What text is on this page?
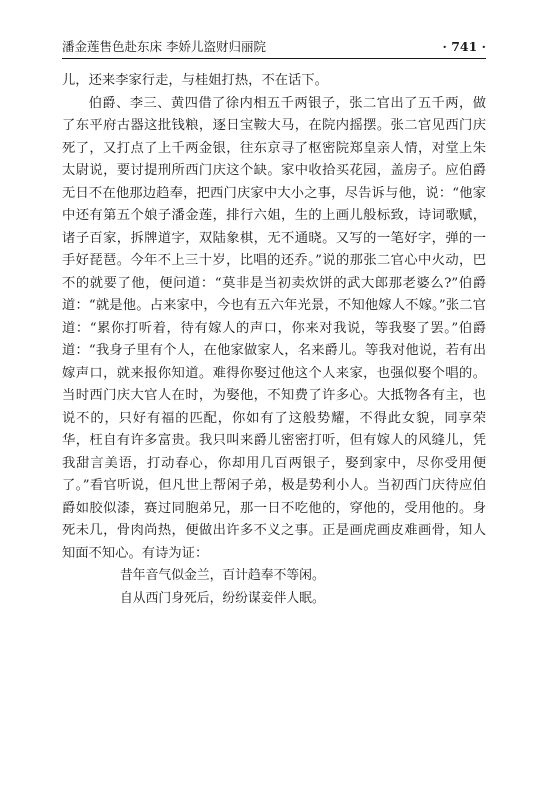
潘金莲售色赴东床 李娇儿盗财归丽院	· 741 ·

儿，还来李家行走，与桂姐打热，不在话下。

伯爵、李三、黄四借了徐内相五千两银子，张二官出了五千两，做了东平府古器这批钱粮，逐日宝鞍大马，在院内摇摆。张二官见西门庆死了，又打点了上千两金银，往东京寻了枢密院郑皇亲人情，对堂上朱太尉说，要讨提刑所西门庆这个缺。家中收拾买花园，盖房子。应伯爵无日不在他那边趋奉，把西门庆家中大小之事，尽告诉与他，说：“他家中还有第五个娘子潘金莲，排行六姐，生的上画儿般标致，诗词歌赋，诸子百家，拆牌道字，双陆象棋，无不通晓。又写的一笔好字，弹的一手好琵琶。今年不上三十岁，比唱的还乔。”说的那张二官心中火动，巴不的就要了他，便问道：“莫非是当初卖炊饼的武大郎那老婆么?”伯爵道：“就是他。占来家中，今也有五六年光景，不知他嫁人不嫁。”张二官道：“累你打听着，待有嫁人的声口，你来对我说，等我娶了罢。”伯爵道：“我身子里有个人，在他家做家人，名来爵儿。等我对他说，若有出嫁声口，就来报你知道。难得你娶过他这个人来家，也强似娶个唱的。当时西门庆大官人在时，为娶他，不知费了许多心。大抵物各有主，也说不的，只好有福的匹配，你如有了这般势耀，不得此女貌，同享荣华，枉自有许多富贵。我只叫来爵儿密密打听，但有嫁人的风缝儿，凭我甜言美语，打动春心，你却用几百两银子，娶到家中，尽你受用便了。”看官听说，但凡世上帮闲子弟，极是势利小人。当初西门庆待应伯爵如胶似漆，赛过同胞弟兄，那一日不吃他的，穿他的，受用他的。身死未几，骨肉尚热，便做出许多不义之事。正是画虎画皮难画骨，知人知面不知心。有诗为证：

昔年音气似金兰，百计趋奉不等闲。
自从西门身死后，纷纷谋妾伴人眠。
